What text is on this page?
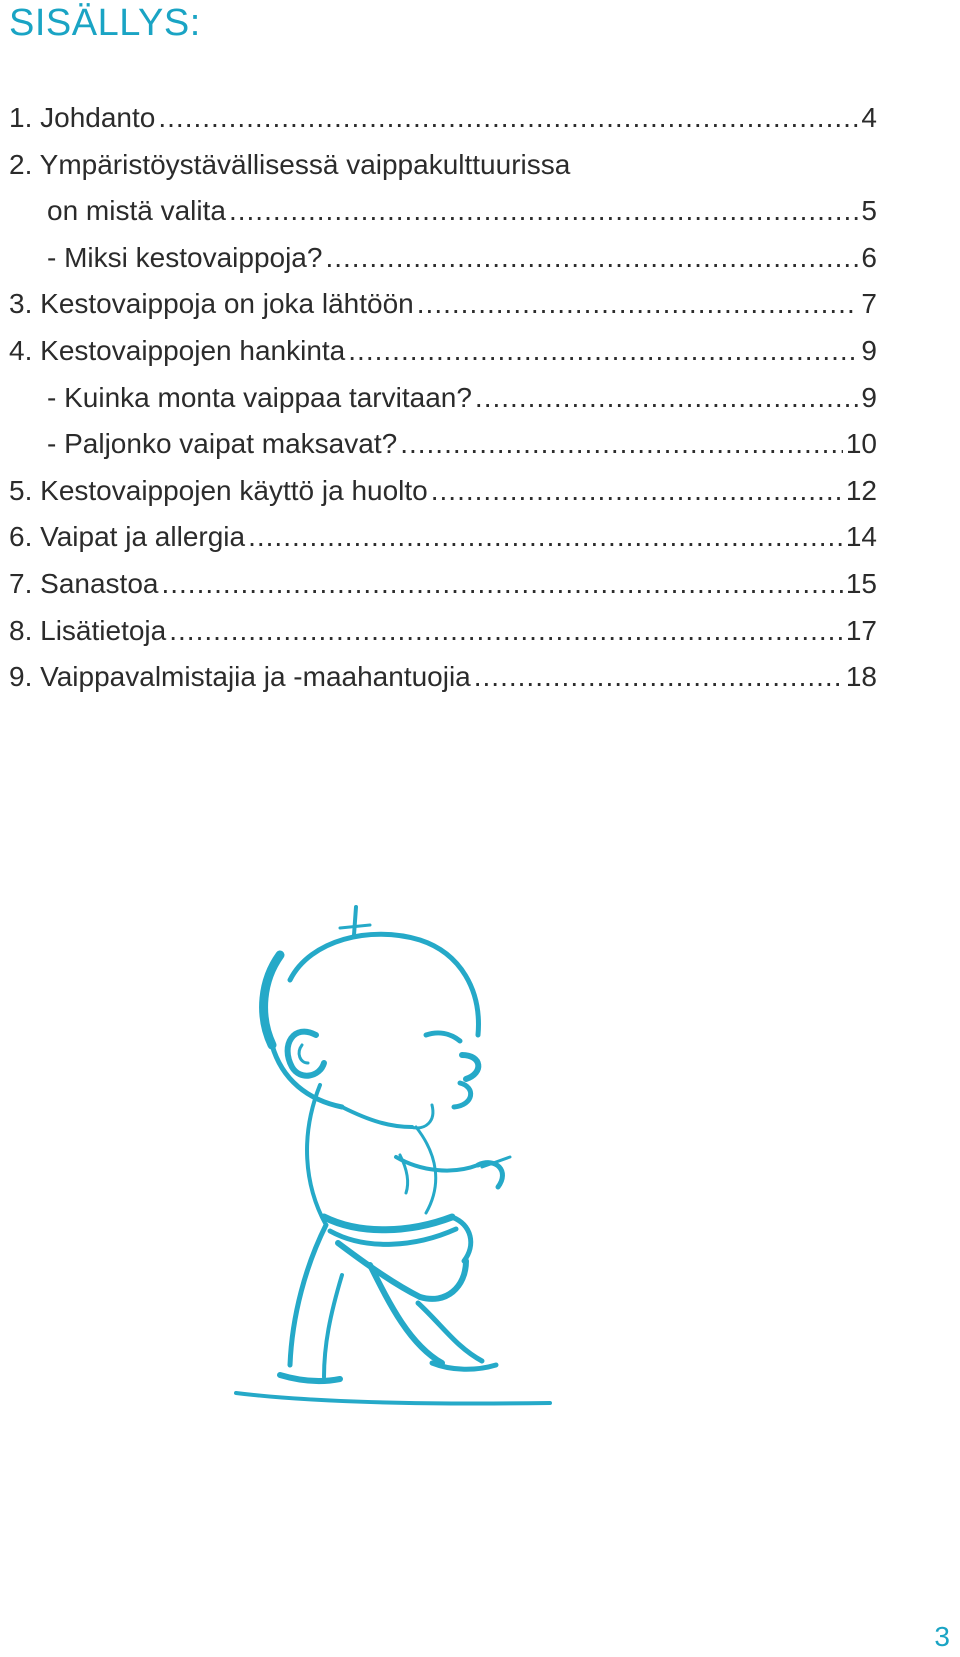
SISÄLLYS:
1. Johdanto .....	4
2. Ympäristöystävällisessä vaippakulttuurissa
on mistä valita .....	5
- Miksi kestovaippoja? .....	6
3. Kestovaippoja on joka lähtöön .....	7
4. Kestovaippojen hankinta .....	9
- Kuinka monta vaippaa tarvitaan? .....	9
- Paljonko vaipat maksavat? .....	10
5. Kestovaippojen käyttö ja huolto .....	12
6. Vaipat ja allergia .....	14
7. Sanastoa .....	15
8. Lisätietoja .....	17
9. Vaippavalmistajia ja -maahantuojia .....	18
3
